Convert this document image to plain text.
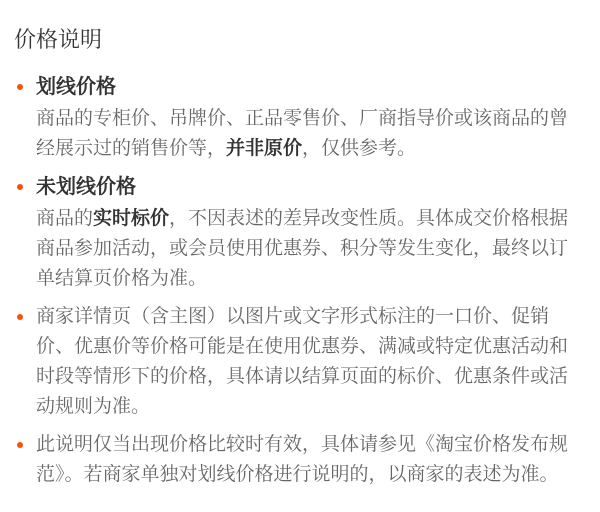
价格说明
划线价格

商品的专柜价、吊牌价、正品零售价、厂商指导价或该商品的曾经展示过的销售价等，并非原价，仅供参考。

未划线价格

商品的实时标价，不因表述的差异改变性质。具体成交价格根据商品参加活动，或会员使用优惠券、积分等发生变化，最终以订单结算页价格为准。

商家详情页（含主图）以图片或文字形式标注的一口价、促销价、优惠价等价格可能是在使用优惠券、满减或特定优惠活动和时段等情形下的价格，具体请以结算页面的标价、优惠条件或活动规则为准。

此说明仅当出现价格比较时有效，具体请参见《淘宝价格发布规范》。若商家单独对划线价格进行说明的，以商家的表述为准。
